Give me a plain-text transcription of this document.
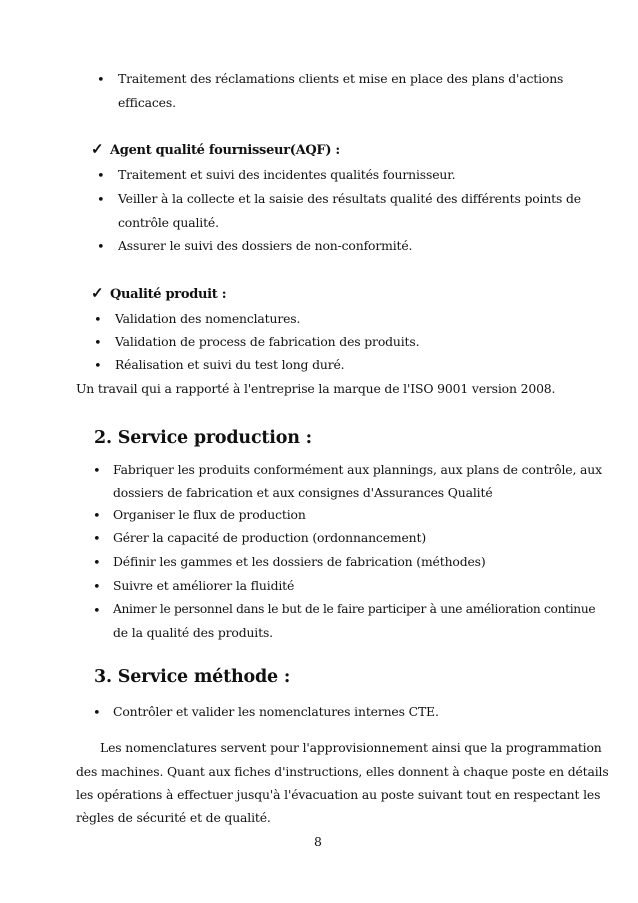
• Traitement des réclamations clients et mise en place des plans d'actions
efficaces.
✓ Agent qualité fournisseur(AQF) :
• Traitement et suivi des incidentes qualités fournisseur.
• Veiller à la collecte et la saisie des résultats qualité des différents points de
contrôle qualité.
• Assurer le suivi des dossiers de non-conformité.
✓ Qualité produit :
• Validation des nomenclatures.
• Validation de process de fabrication des produits.
• Réalisation et suivi du test long duré.
Un travail qui a rapporté à l'entreprise la marque de l'ISO 9001 version 2008.
2. Service production :
• Fabriquer les produits conformément aux plannings, aux plans de contrôle, aux
dossiers de fabrication et aux consignes d'Assurances Qualité
• Organiser le flux de production
• Gérer la capacité de production (ordonnancement)
• Définir les gammes et les dossiers de fabrication (méthodes)
• Suivre et améliorer la fluidité
• Animer le personnel dans le but de le faire participer à une amélioration continue
de la qualité des produits.
3. Service méthode :
• Contrôler et valider les nomenclatures internes CTE.
Les nomenclatures servent pour l'approvisionnement ainsi que la programmation
des machines. Quant aux fiches d'instructions, elles donnent à chaque poste en détails
les opérations à effectuer jusqu'à l'évacuation au poste suivant tout en respectant les
règles de sécurité et de qualité.
8
